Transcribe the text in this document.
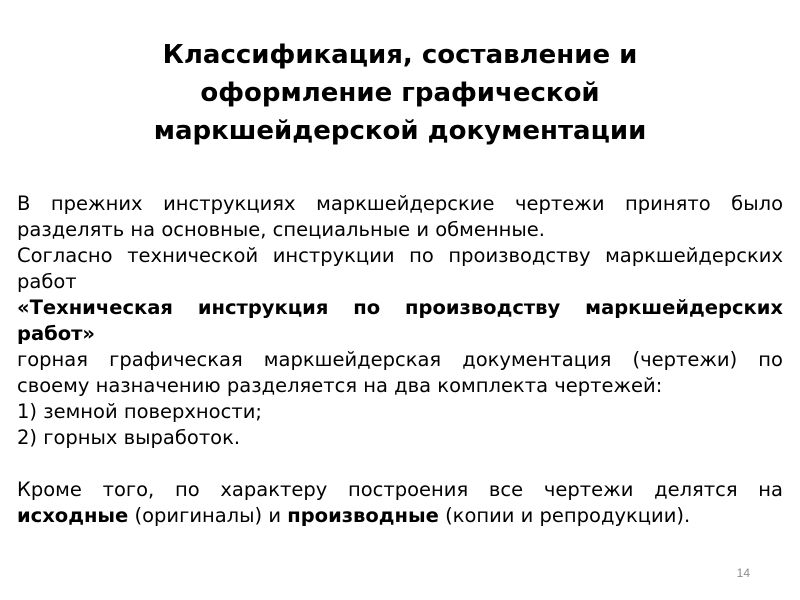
Классификация, составление и
оформление графической
маркшейдерской документации

В прежних инструкциях маркшейдерские чертежи принято было разделять на основные, специальные и обменные.

Согласно технической инструкции по производству маркшейдерских работ

«Техническая инструкция по производству маркшейдерских работ»

горная графическая маркшейдерская документация (чертежи) по своему назначению разделяется на два комплекта чертежей:

1) земной поверхности;

2) горных выработок.

Кроме того, по характеру построения все чертежи делятся на исходные (оригиналы) и производные (копии и репродукции).

14
